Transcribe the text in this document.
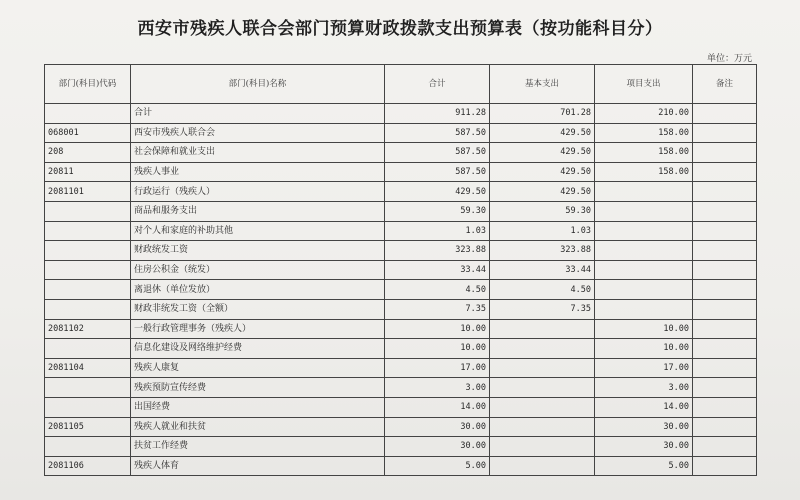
西安市残疾人联合会部门预算财政拨款支出预算表（按功能科目分）
单位：万元
部门(科目)代码	部门(科目)名称	合计	基本支出	项目支出	备注
	合计	911.28	701.28	210.00	
068001	西安市残疾人联合会	587.50	429.50	158.00	
208	社会保障和就业支出	587.50	429.50	158.00	
20811	残疾人事业	587.50	429.50	158.00	
2081101	行政运行（残疾人）	429.50	429.50		
	商品和服务支出	59.30	59.30		
	对个人和家庭的补助其他	1.03	1.03		
	财政统发工资	323.88	323.88		
	住房公积金（统发）	33.44	33.44		
	离退休（单位发放）	4.50	4.50		
	财政非统发工资（全额）	7.35	7.35		
2081102	一般行政管理事务（残疾人）	10.00		10.00	
	信息化建设及网络维护经费	10.00		10.00	
2081104	残疾人康复	17.00		17.00	
	残疾预防宣传经费	3.00		3.00	
	出国经费	14.00		14.00	
2081105	残疾人就业和扶贫	30.00		30.00	
	扶贫工作经费	30.00		30.00	
2081106	残疾人体育	5.00		5.00	
